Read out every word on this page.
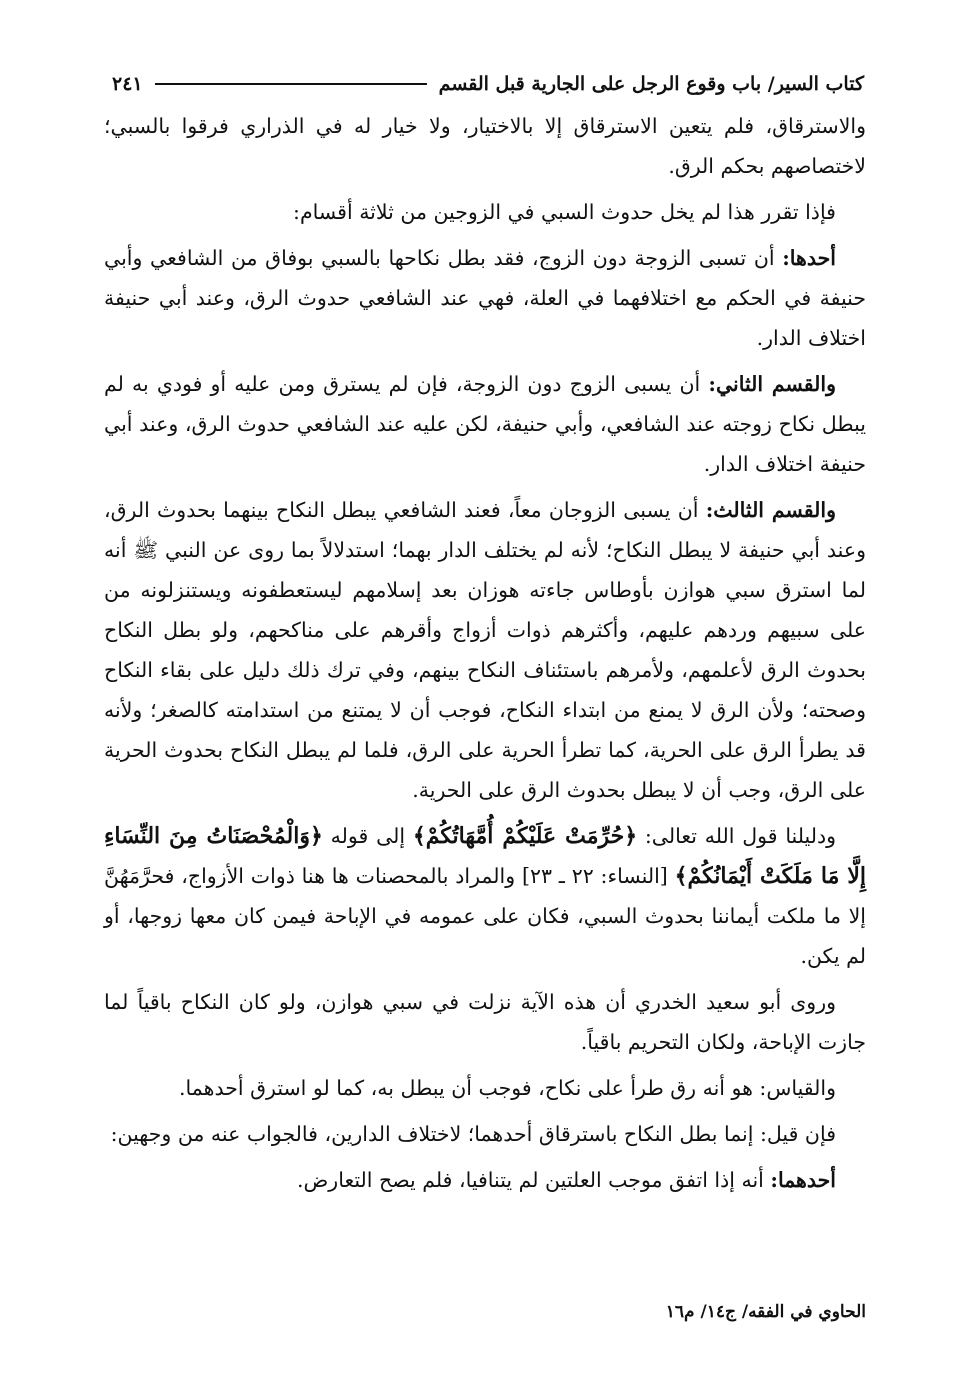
كتاب السير/ باب وقوع الرجل على الجارية قبل القسم
٢٤١

والاسترقاق، فلم يتعين الاسترقاق إلا بالاختيار، ولا خيار له في الذراري فرقوا بالسبي؛ لاختصاصهم بحكم الرق.

فإذا تقرر هذا لم يخل حدوث السبي في الزوجين من ثلاثة أقسام:

أحدها: أن تسبى الزوجة دون الزوج، فقد بطل نكاحها بالسبي بوفاق من الشافعي وأبي حنيفة في الحكم مع اختلافهما في العلة، فهي عند الشافعي حدوث الرق، وعند أبي حنيفة اختلاف الدار.

والقسم الثاني: أن يسبى الزوج دون الزوجة، فإن لم يسترق ومن عليه أو فودي به لم يبطل نكاح زوجته عند الشافعي، وأبي حنيفة، لكن عليه عند الشافعي حدوث الرق، وعند أبي حنيفة اختلاف الدار.

والقسم الثالث: أن يسبى الزوجان معاً، فعند الشافعي يبطل النكاح بينهما بحدوث الرق، وعند أبي حنيفة لا يبطل النكاح؛ لأنه لم يختلف الدار بهما؛ استدلالاً بما روى عن النبي ﷺ أنه لما استرق سبي هوازن بأوطاس جاءته هوزان بعد إسلامهم ليستعطفونه ويستنزلونه من على سبيهم وردهم عليهم، وأكثرهم ذوات أزواج وأقرهم على مناكحهم، ولو بطل النكاح بحدوث الرق لأعلمهم، ولأمرهم باستئناف النكاح بينهم، وفي ترك ذلك دليل على بقاء النكاح وصحته؛ ولأن الرق لا يمنع من ابتداء النكاح، فوجب أن لا يمتنع من استدامته كالصغر؛ ولأنه قد يطرأ الرق على الحرية، كما تطرأ الحرية على الرق، فلما لم يبطل النكاح بحدوث الحرية على الرق، وجب أن لا يبطل بحدوث الرق على الحرية.

ودليلنا قول الله تعالى: ﴿حُرِّمَتْ عَلَيْكُمْ أُمَّهَاتُكُمْ﴾ إلى قوله ﴿وَالْمُحْصَنَاتُ مِنَ النِّسَاءِ إِلَّا مَا مَلَكَتْ أَيْمَانُكُمْ﴾ [النساء: ٢٢ ـ ٢٣] والمراد بالمحصنات ها هنا ذوات الأزواج، فحرَّمَهُنَّ إلا ما ملكت أيماننا بحدوث السبي، فكان على عمومه في الإباحة فيمن كان معها زوجها، أو لم يكن.

وروى أبو سعيد الخدري أن هذه الآية نزلت في سبي هوازن، ولو كان النكاح باقياً لما جازت الإباحة، ولكان التحريم باقياً.

والقياس: هو أنه رق طرأ على نكاح، فوجب أن يبطل به، كما لو استرق أحدهما.

فإن قيل: إنما بطل النكاح باسترقاق أحدهما؛ لاختلاف الدارين، فالجواب عنه من وجهين:

أحدهما: أنه إذا اتفق موجب العلتين لم يتنافيا، فلم يصح التعارض.

الحاوي في الفقه/ ج١٤/ م١٦
